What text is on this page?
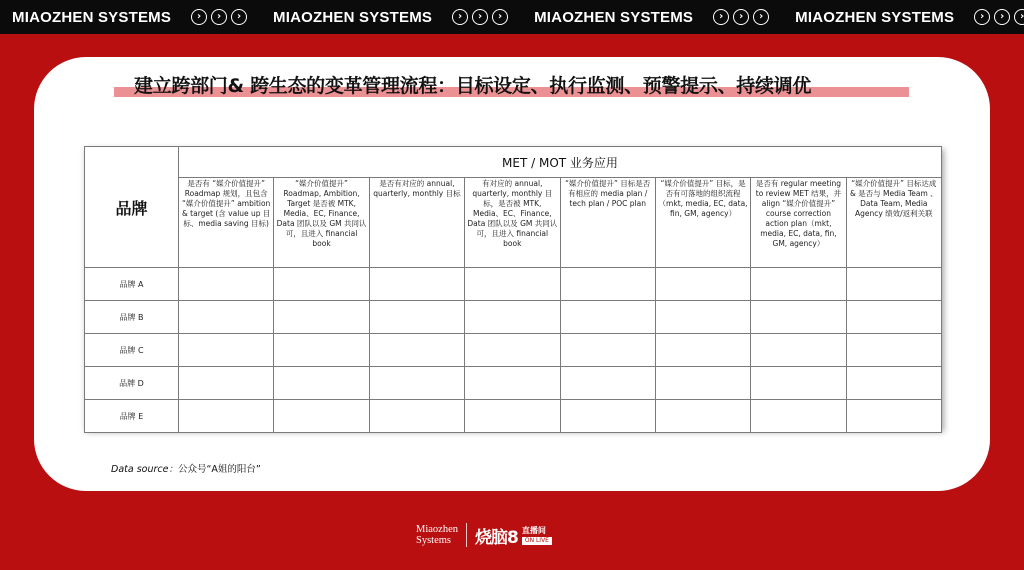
MIAOZHEN SYSTEMS	›	›	›	MIAOZHEN SYSTEMS	›	›	›	MIAOZHEN SYSTEMS	›	›	›	MIAOZHEN SYSTEMS	›	›	›
建立跨部门& 跨生态的变革管理流程：目标设定、执行监测、预警提示、持续调优
品牌	MET / MOT 业务应用							
	是否有 “媒介价值提升” Roadmap 规划，且包含 “媒介价值提升” ambition & target (含 value up 目标、media saving 目标)	“媒介价值提升” Roadmap, Ambition, Target 是否被 MTK, Media、EC, Finance, Data 团队以及 GM 共同认可，且进入 financial book	是否有对应的 annual, quarterly, monthly 目标	有对应的 annual, quarterly, monthly 目标，是否被 MTK, Media、EC、Finance, Data 团队以及 GM 共同认可，且进入 financial book	“媒介价值提升” 目标是否有相应的 media plan / tech plan / POC plan	“媒介价值提升” 目标，是否有可落地的组织流程（mkt, media, EC, data, fin, GM, agency）	是否有 regular meeting to review MET 结果，并 align “媒介价值提升” course correction action plan（mkt, media, EC, data, fin, GM, agency）	“媒介价值提升” 目标达成 & 是否与 Media Team 、 Data Team, Media Agency 绩效/返利关联
品牌 A								
品牌 B								
品牌 C								
品牌 D								
品牌 E								
Data source：公众号“A姐的阳台”
Miaozhen
Systems	烧脑8 直播间
ON LIVE
